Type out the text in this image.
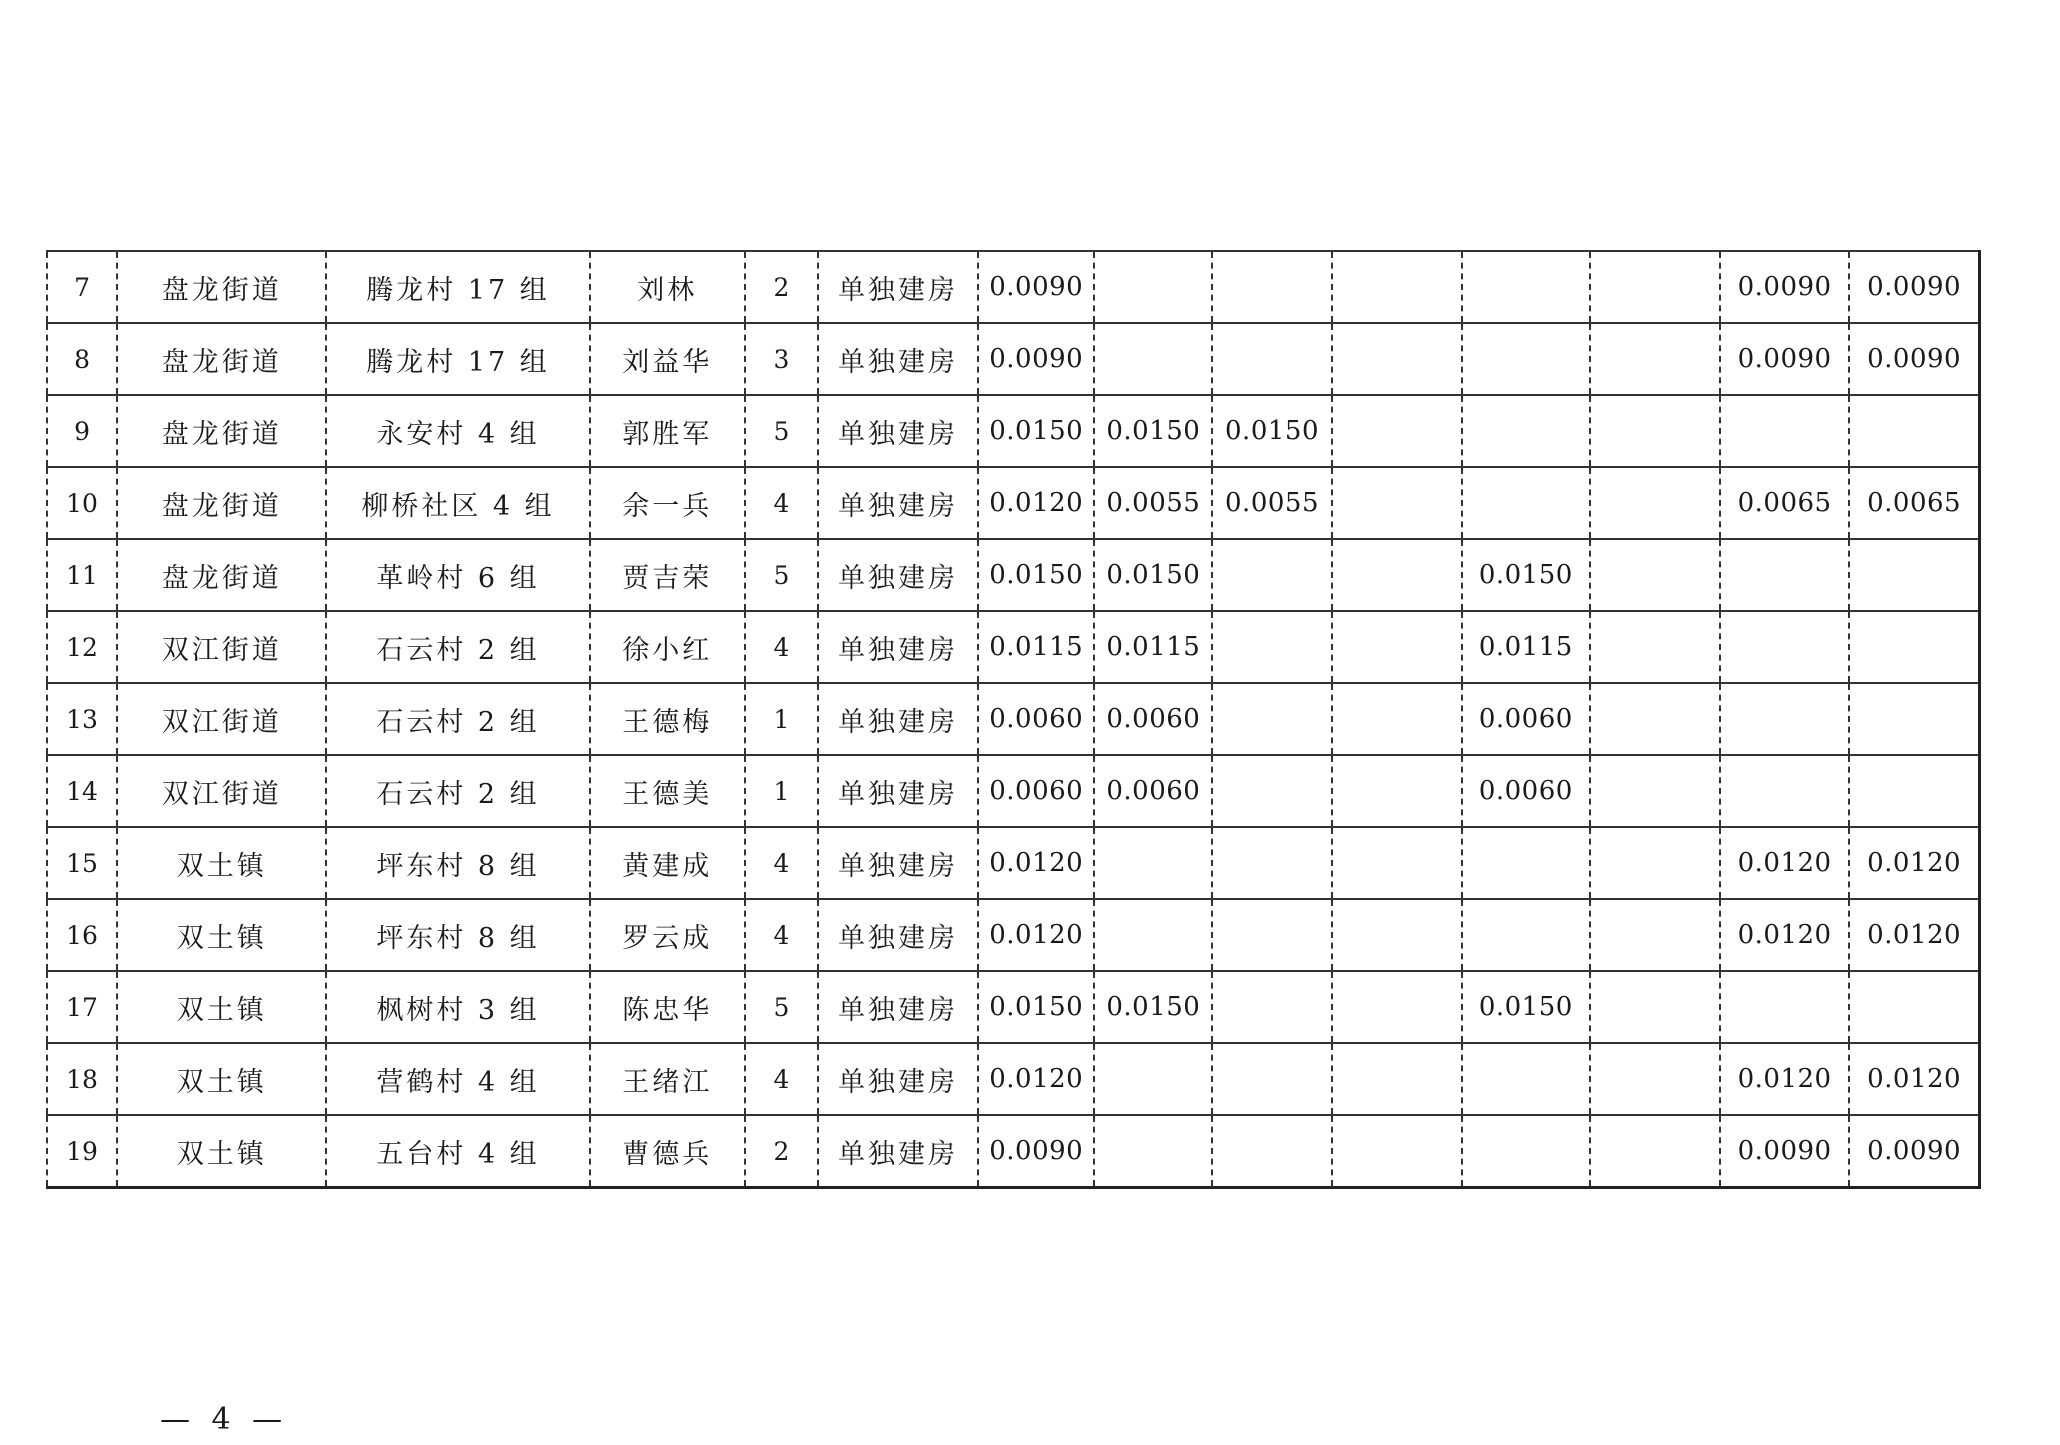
7	盘龙街道	腾龙村 17 组	刘林	2	单独建房	0.0090						0.0090	0.0090
8	盘龙街道	腾龙村 17 组	刘益华	3	单独建房	0.0090						0.0090	0.0090
9	盘龙街道	永安村 4 组	郭胜军	5	单独建房	0.0150	0.0150	0.0150					
10	盘龙街道	柳桥社区 4 组	余一兵	4	单独建房	0.0120	0.0055	0.0055				0.0065	0.0065
11	盘龙街道	革岭村 6 组	贾吉荣	5	单独建房	0.0150	0.0150			0.0150			
12	双江街道	石云村 2 组	徐小红	4	单独建房	0.0115	0.0115			0.0115			
13	双江街道	石云村 2 组	王德梅	1	单独建房	0.0060	0.0060			0.0060			
14	双江街道	石云村 2 组	王德美	1	单独建房	0.0060	0.0060			0.0060			
15	双土镇	坪东村 8 组	黄建成	4	单独建房	0.0120						0.0120	0.0120
16	双土镇	坪东村 8 组	罗云成	4	单独建房	0.0120						0.0120	0.0120
17	双土镇	枫树村 3 组	陈忠华	5	单独建房	0.0150	0.0150			0.0150			
18	双土镇	营鹤村 4 组	王绪江	4	单独建房	0.0120						0.0120	0.0120
19	双土镇	五台村 4 组	曹德兵	2	单独建房	0.0090						0.0090	0.0090
— 4 —
